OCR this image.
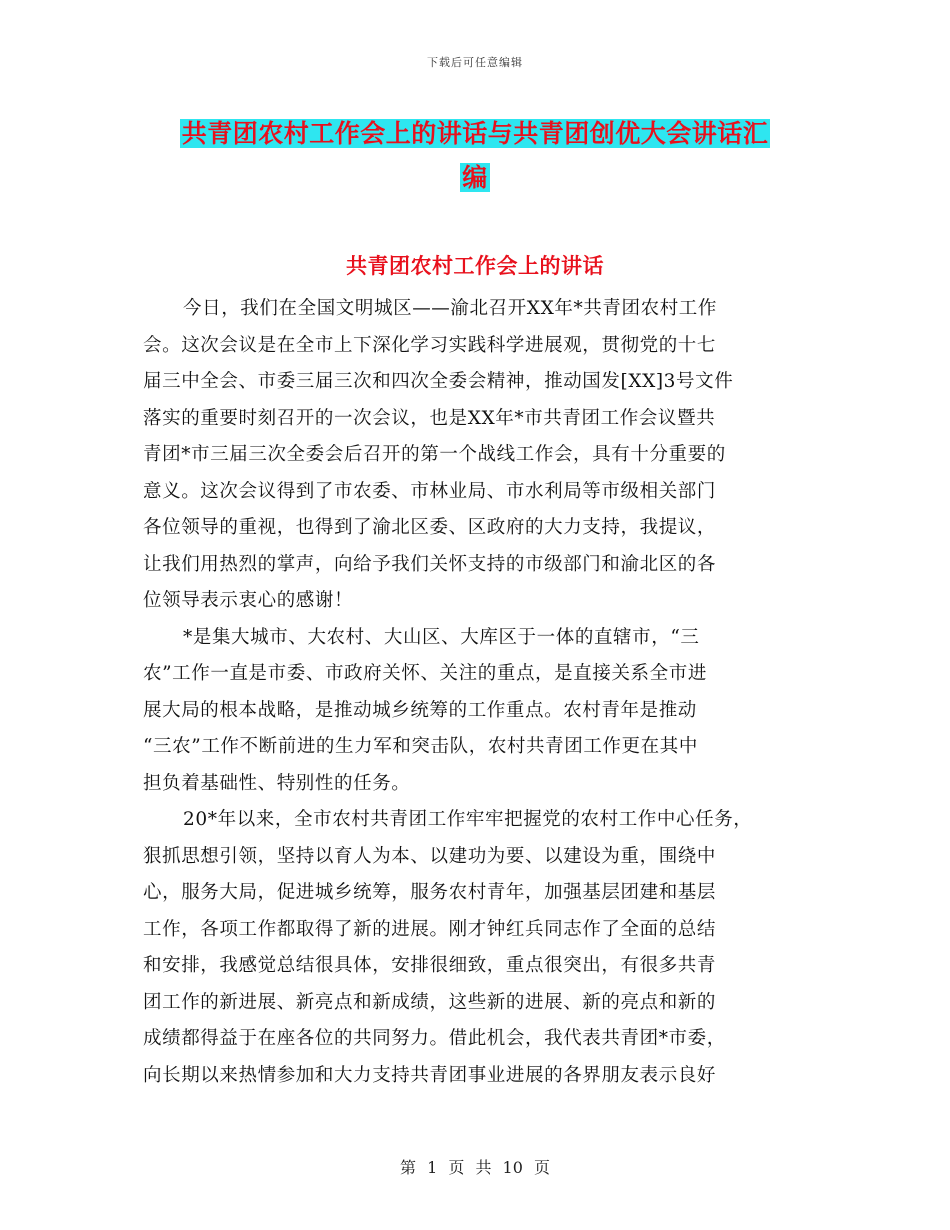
下载后可任意编辑
共青团农村工作会上的讲话与共青团创优大会讲话汇
编
共青团农村工作会上的讲话
今日，我们在全国文明城区——渝北召开XX年*共青团农村工作
会。这次会议是在全市上下深化学习实践科学进展观，贯彻党的十七
届三中全会、市委三届三次和四次全委会精神，推动国发[XX]3号文件
落实的重要时刻召开的一次会议，也是XX年*市共青团工作会议暨共
青团*市三届三次全委会后召开的第一个战线工作会，具有十分重要的
意义。这次会议得到了市农委、市林业局、市水利局等市级相关部门
各位领导的重视，也得到了渝北区委、区政府的大力支持，我提议，
让我们用热烈的掌声，向给予我们关怀支持的市级部门和渝北区的各
位领导表示衷心的感谢！
*是集大城市、大农村、大山区、大库区于一体的直辖市，“三
农”工作一直是市委、市政府关怀、关注的重点，是直接关系全市进
展大局的根本战略，是推动城乡统筹的工作重点。农村青年是推动
“三农”工作不断前进的生力军和突击队，农村共青团工作更在其中
担负着基础性、特别性的任务。
20*年以来，全市农村共青团工作牢牢把握党的农村工作中心任务，
狠抓思想引领，坚持以育人为本、以建功为要、以建设为重，围绕中
心，服务大局，促进城乡统筹，服务农村青年，加强基层团建和基层
工作，各项工作都取得了新的进展。刚才钟红兵同志作了全面的总结
和安排，我感觉总结很具体，安排很细致，重点很突出，有很多共青
团工作的新进展、新亮点和新成绩，这些新的进展、新的亮点和新的
成绩都得益于在座各位的共同努力。借此机会，我代表共青团*市委，
向长期以来热情参加和大力支持共青团事业进展的各界朋友表示良好
第 1 页 共 10 页
